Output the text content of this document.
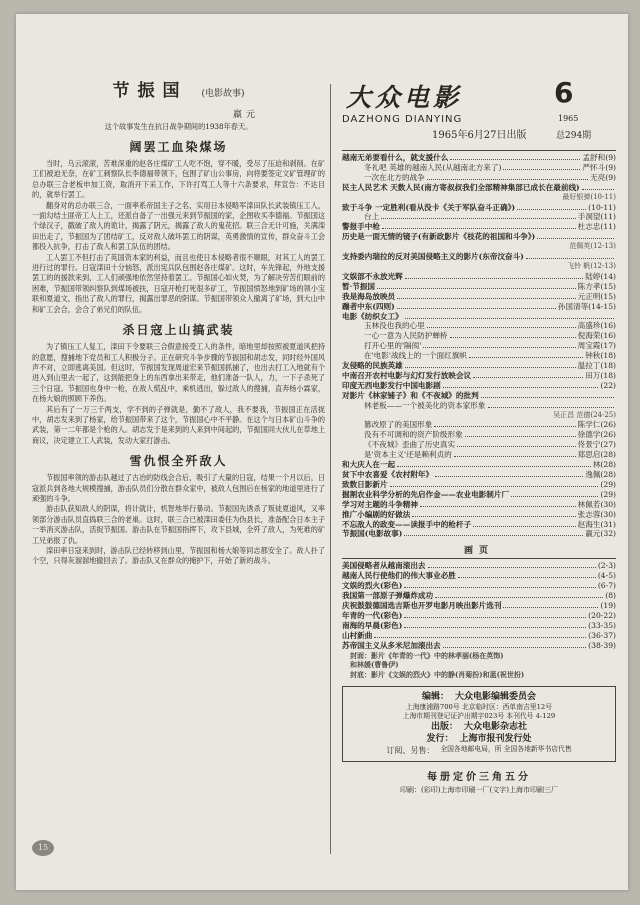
节振国 (电影故事)
羸元
这个故事发生在抗日战争期间的1938年春天。
阔罢工血染煤场

当时，乌云滚滚，苦难深重的赵各庄煤矿工人吃不饱，穿不暖，受尽了压迫和剥削。在矿工们被迫无奈，在矿工刺察队长李德福带领下，包围了矿山公事房，向将要签定文矿管理矿的总办联三合老板申加工资，取消开下采工作，下许打骂工人等十六条要求，拜宣告：不达目的，就举行罢工。

翻身对的总办联三合，一面率系帝国主子之名，实用日本侵略军滦田队长武装镇压工人，一面勾结土匪帝工人上工，还派自备了一出强元来到节振国的家，企图收买李德福。节振国这个绿汉子，戳破了敌人的诡计，揭露了阴元，揭露了敌人的鬼花招。联三合无计可施，关满滦田出走了，节振国为了团结矿工，反对敌人破坏罢工的阴谋，英勇激情的宣传，群众奋斗工会都投入抗争，打击了敌人和罢工队伍的团结。

工人罢工不但打击了英国资本家的利益，而且也使日本侵略者很不顺眼，对其工人的罢工进行过的罪行。日寇滦田十分恼怒，派出宪兵队包围赵各庄煤矿。这时，车先锋起，外地支援罢工的的援款来到，工人们顽强地依然坚持着罢工。节振国心如火焚，为了解决劳苦们眼前的困难，节振国带领纠察队到煤场被扶，日寇开枪打死很多矿工，节振国愤怒地到矿场的领小宝联和夏道文，指出了敌人的罪行，揭露出罪恶的阴谋。节振国带领众人撤离了矿场，到大山中和矿工会合，会合了弟兄们的队伍。

杀日寇上山搞武装

为了镇压工人复工，滦田下令要联三合假意接受工人的条件，暗地里却按照被夏道风把持的意愿，搜捕地下党员和工人积极分子。正在研究斗争步骤的节振国和胡志发，同时经外国风声不对，立即逃离美国。但这时，节振国发现周道宏来节振国抓捕了，也出去打工入地就有个进入到山里去一起了，这到能把身上的东西拿出来带走，他们准备一队人，力，一下子杀死了三个日寇。节振国也身中一枪，在敌人慌乱中，乘机逃出，躲过敌人的搜捕，直奔杨小霖家，在杨大娘的照顾下养伤。

其后有了一万三千两支，学不到的子弹就是，勤不了敌人，我不要我，节振国正在活捉中，胡志发来到了杨家，给节振国带来了这个，节振国心中不平静。在这个与日本矿山斗争的武装，第一二年都是个枪的人。胡志发于是来到的人来到中间起的，节振国同大伙儿在草地上商议，决定建立工人武装，发动大家打游击。

雪仇恨全歼敌人

节振国率领的游击队越过了古冶的防线会合后，吸引了大量的日寇，结果一个月以后，日寇派兵到各地大规模搜捕，游击队员们分散在群众家中，被敌人包围后在杨家的地道里进行了顽强的斗争。

游击队获知敌人的阴谋，将计就计，机智地举行暴动。节振国先诱杀了叛徒夏道风，又率领部分游击队员直捣联三合的老巢。这时，联三合已被滦田委任为伪县长，准备配合日本主子一举消灭游击队，活捉节振国。游击队在节振国指挥下，攻下县城，全歼了敌人，为死难的矿工兄弟报了仇。

滦田率日寇来到时，游击队已经转移到山里，节振国和杨大娘等同志都安全了。敌人扑了个空，只得灰溜溜地撤回去了。游击队又在群众的掩护下，开始了新的战斗。

15
大众电影
DAZHONG DIANYING
6
1965
1965年6月27日出版	总294期
越南无弟要看什么，就支援什么	孟舒和(9)
冬礼吧 英雄的越南人民(从越南北方来了)	严怀斗(9)
一次在北方的战争	无亮(9)
民主人民艺术 天数人民(南方寄叔叔我们全部精神集部已成长在最前线)
最好银弹(10-11)
致于斗争 一定胜利(看从没卡《关于军队奋斗正确》)	(10-11)
台上	手洞望(11)
警报手中枪	杜志忠(11)
历史是一面无情的镜子(有新政影片《枝花的祖国和斗争》)
范佩英(12-13)
支持委内瑞拉的反对美国侵略主义的影片(东帝汶奋斗)
飞铃 帆(12-13)
文娱部不永放光辉	陆婷(14)
暂·节振国	陈方孝(15)
我是海岛放映员	元正明(15)
蹦者中东(四则)	孙国清等(14-15)
电影《纺织女工》
玉林没也我的心里	高盛珍(16)
一心一意为人民防护蝉桥	倪海荣(16)
打开心里的'隔阂'	周宝霞(17)
在'电影'战线上的一个面红旗帜	钟秋(18)
友侵略的民族英雄	温拉丁(18)
中南召开农村电影与幻灯发行放映会议	田万(18)
印度无西电影发行中国电影剧	(22)
对影片《林家铺子》和《不夜城》的批判
林老板——一个被美化的资本家形象
吴正昌 范德(24-25)
篡改原了的美国形象	陈学仁(26)
没有不可调和的资产阶级形象	徐德学(26)
《不夜城》歪曲了历史真实	佟景宁(27)
是'资本主义'还是赖利贞的	郑思启(28)
和大庆人在一起	林(28)
贫下中农喜爱《农村附年》	逸佩(28)
致数日影新片	(29)
掘割农业科学分析的先启作金——农业电影制片厂	(29)
学习对主题的斗争精神	林佩若(30)
推广小编剧的好做法	张志蓉(30)
不忘敌人的政变——读报手中的枪杆子	赵海生(31)
节振国(电影故事)	羸元(32)
画页
美国侵略者从越南滚出去	(2-3)
越南人民行使他们的伟大事业必胜	(4-5)
文娱的烈火(彩色)	(6-7)
我国第一部原子弹爆炸成功	(8)
庆祝鼓鼓德国选吉斯也开罗电影月映出影片选刊	(19)
年青的一代(彩色)	(20-22)
南海的早晨(彩色)	(33-35)
山村新曲	(36-37)
苏帝国主义从多米尼加滚出去	(38-39)
封面：影片《年青的一代》中的林孝丽(杨在英饰)
和林媛(曹鲁伊)
封底：影片《文娱的烈火》中的静(肖菊扮)和蓝(祝世扮)
编辑： 大众电影编辑委员会
上海康浦路700号 北京临时区：西单南吉里12号
上海市期刊登记证沪出期字023号 本刊代号 4-129
出版： 大众电影杂志社
发行： 上海市报刊发行处
订阅、另售： 全国各地邮电局，所 全国各地新华书店代售
每册定价三角五分
印刷：(彩印)上海市印刷一厂(文字)上海市印刷三厂
